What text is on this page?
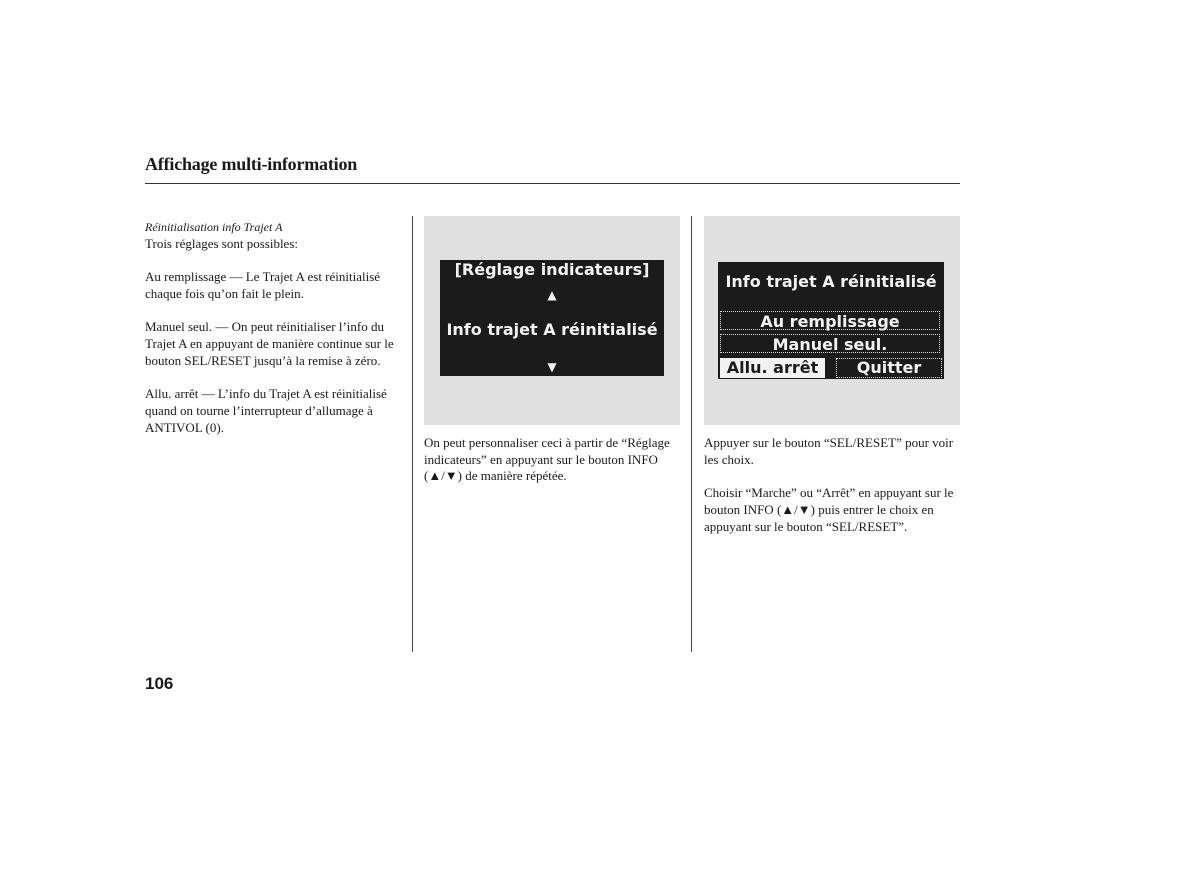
Affichage multi-information
Réinitialisation info Trajet A

Trois réglages sont possibles:

Au remplissage — Le Trajet A est réinitialisé chaque fois qu’on fait le plein.

Manuel seul. — On peut réinitialiser l’info du Trajet A en appuyant de manière continue sur le bouton SEL/RESET jusqu’à la remise à zéro.

Allu. arrêt — L’info du Trajet A est réinitialisé quand on tourne l’interrupteur d’allumage à ANTIVOL (0).

[Réglage indicateurs]
▲
Info trajet A réinitialisé
▼
Info trajet A réinitialisé
Au remplissage
Manuel seul.
Allu. arrêt	Quitter

On peut personnaliser ceci à partir de “Réglage indicateurs” en appuyant sur le bouton INFO (▲/▼) de manière répétée.

Appuyer sur le bouton “SEL/RESET” pour voir les choix.

Choisir “Marche” ou “Arrêt” en appuyant sur le bouton INFO (▲/▼) puis entrer le choix en appuyant sur le bouton “SEL/RESET”.

106
